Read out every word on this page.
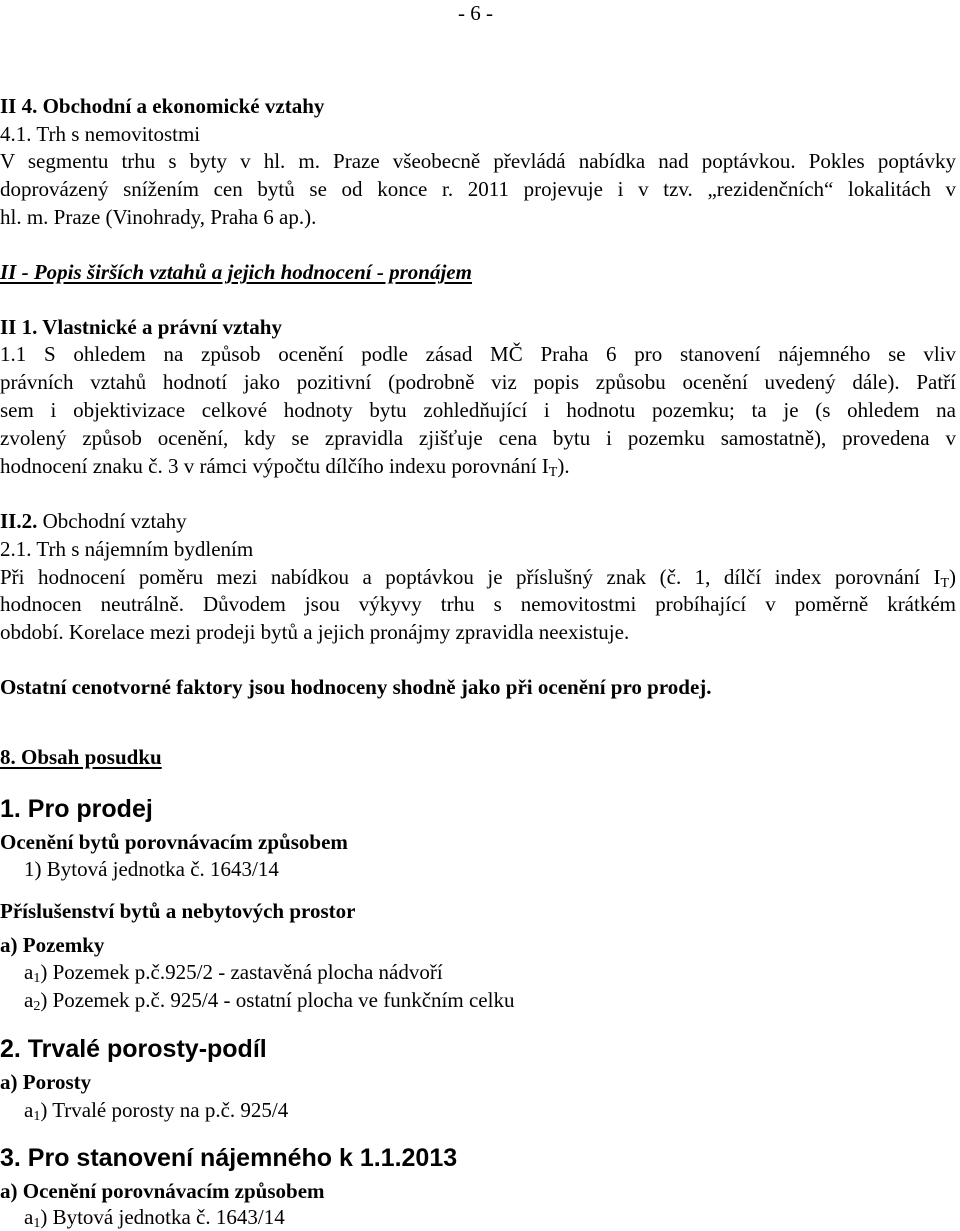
- 6 -
II 4. Obchodní a ekonomické vztahy
4.1. Trh s nemovitostmi
V segmentu trhu s byty v hl. m. Praze všeobecně převládá nabídka nad poptávkou. Pokles poptávky
doprovázený snížením cen bytů se od konce r. 2011 projevuje i v tzv. „rezidenčních“ lokalitách v
hl. m. Praze (Vinohrady, Praha 6 ap.).
II - Popis širších vztahů a jejich hodnocení - pronájem
II 1. Vlastnické a právní vztahy
1.1 S ohledem na způsob ocenění podle zásad MČ Praha 6 pro stanovení nájemného se vliv
právních vztahů hodnotí jako pozitivní (podrobně viz popis způsobu ocenění uvedený dále). Patří
sem i objektivizace celkové hodnoty bytu zohledňující i hodnotu pozemku; ta je (s ohledem na
zvolený způsob ocenění, kdy se zpravidla zjišťuje cena bytu i pozemku samostatně), provedena v
hodnocení znaku č. 3 v rámci výpočtu dílčího indexu porovnání $I_T$).
II.2. Obchodní vztahy
2.1. Trh s nájemním bydlením
Při hodnocení poměru mezi nabídkou a poptávkou je příslušný znak (č. 1, dílčí index porovnání $I_T$)
hodnocen neutrálně. Důvodem jsou výkyvy trhu s nemovitostmi probíhající v poměrně krátkém
období. Korelace mezi prodeji bytů a jejich pronájmy zpravidla neexistuje.
Ostatní cenotvorné faktory jsou hodnoceny shodně jako při ocenění pro prodej.
8. Obsah posudku
1. Pro prodej
Ocenění bytů porovnávacím způsobem
1) Bytová jednotka č. 1643/14
Příslušenství bytů a nebytových prostor
a) Pozemky
$a_1$) Pozemek p.č.925/2 - zastavěná plocha nádvoří
$a_2$) Pozemek p.č. 925/4 - ostatní plocha ve funkčním celku
2. Trvalé porosty-podíl
a) Porosty
$a_1$) Trvalé porosty na p.č. 925/4
3. Pro stanovení nájemného k 1.1.2013
a) Ocenění porovnávacím způsobem
$a_1$) Bytová jednotka č. 1643/14
